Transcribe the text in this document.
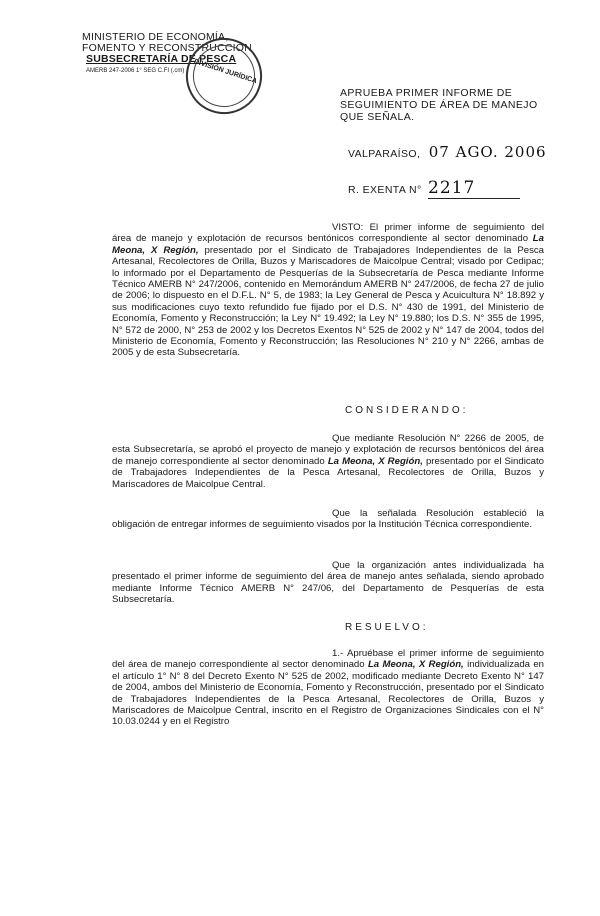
MINISTERIO DE ECONOMÍA,
FOMENTO Y RECONSTRUCCIÓN
SUBSECRETARÍA DE PESCA
AMERB 247-2006 1° SEG C.FI (.cm)	DIVISIÓN JURÍDICA
APRUEBA PRIMER INFORME DE
SEGUIMIENTO DE ÁREA DE MANEJO
QUE SEÑALA.
VALPARAÍSO, 07 AGO. 2006
R. EXENTA N° 2217
VISTO: El primer informe de seguimiento del área de manejo y explotación de recursos bentónicos correspondiente al sector denominado La Meona, X Región, presentado por el Sindicato de Trabajadores Independientes de la Pesca Artesanal, Recolectores de Orilla, Buzos y Mariscadores de Maicolpue Central; visado por Cedipac; lo informado por el Departamento de Pesquerías de la Subsecretaría de Pesca mediante Informe Técnico AMERB N° 247/2006, contenido en Memorándum AMERB N° 247/2006, de fecha 27 de julio de 2006; lo dispuesto en el D.F.L. N° 5, de 1983; la Ley General de Pesca y Acuicultura N° 18.892 y sus modificaciones cuyo texto refundido fue fijado por el D.S. N° 430 de 1991, del Ministerio de Economía, Fomento y Reconstrucción; la Ley N° 19.492; la Ley N° 19.880; los D.S. N° 355 de 1995, N° 572 de 2000, N° 253 de 2002 y los Decretos Exentos N° 525 de 2002 y N° 147 de 2004, todos del Ministerio de Economía, Fomento y Reconstrucción; las Resoluciones N° 210 y N° 2266, ambas de 2005 y de esta Subsecretaría.
CONSIDERANDO:
Que mediante Resolución N° 2266 de 2005, de esta Subsecretaría, se aprobó el proyecto de manejo y explotación de recursos bentónicos del área de manejo correspondiente al sector denominado La Meona, X Región, presentado por el Sindicato de Trabajadores Independientes de la Pesca Artesanal, Recolectores de Orilla, Buzos y Mariscadores de Maicolpue Central.
Que la señalada Resolución estableció la obligación de entregar informes de seguimiento visados por la Institución Técnica correspondiente.
Que la organización antes individualizada ha presentado el primer informe de seguimiento del área de manejo antes señalada, siendo aprobado mediante Informe Técnico AMERB N° 247/06, del Departamento de Pesquerías de esta Subsecretaría.
RESUELVO:
1.- Apruébase el primer informe de seguimiento del área de manejo correspondiente al sector denominado La Meona, X Región, individualizada en el artículo 1° N° 8 del Decreto Exento N° 525 de 2002, modificado mediante Decreto Exento N° 147 de 2004, ambos del Ministerio de Economía, Fomento y Reconstrucción, presentado por el Sindicato de Trabajadores Independientes de la Pesca Artesanal, Recolectores de Orilla, Buzos y Mariscadores de Maicolpue Central, inscrito en el Registro de Organizaciones Sindicales con el N° 10.03.0244 y en el Registro
